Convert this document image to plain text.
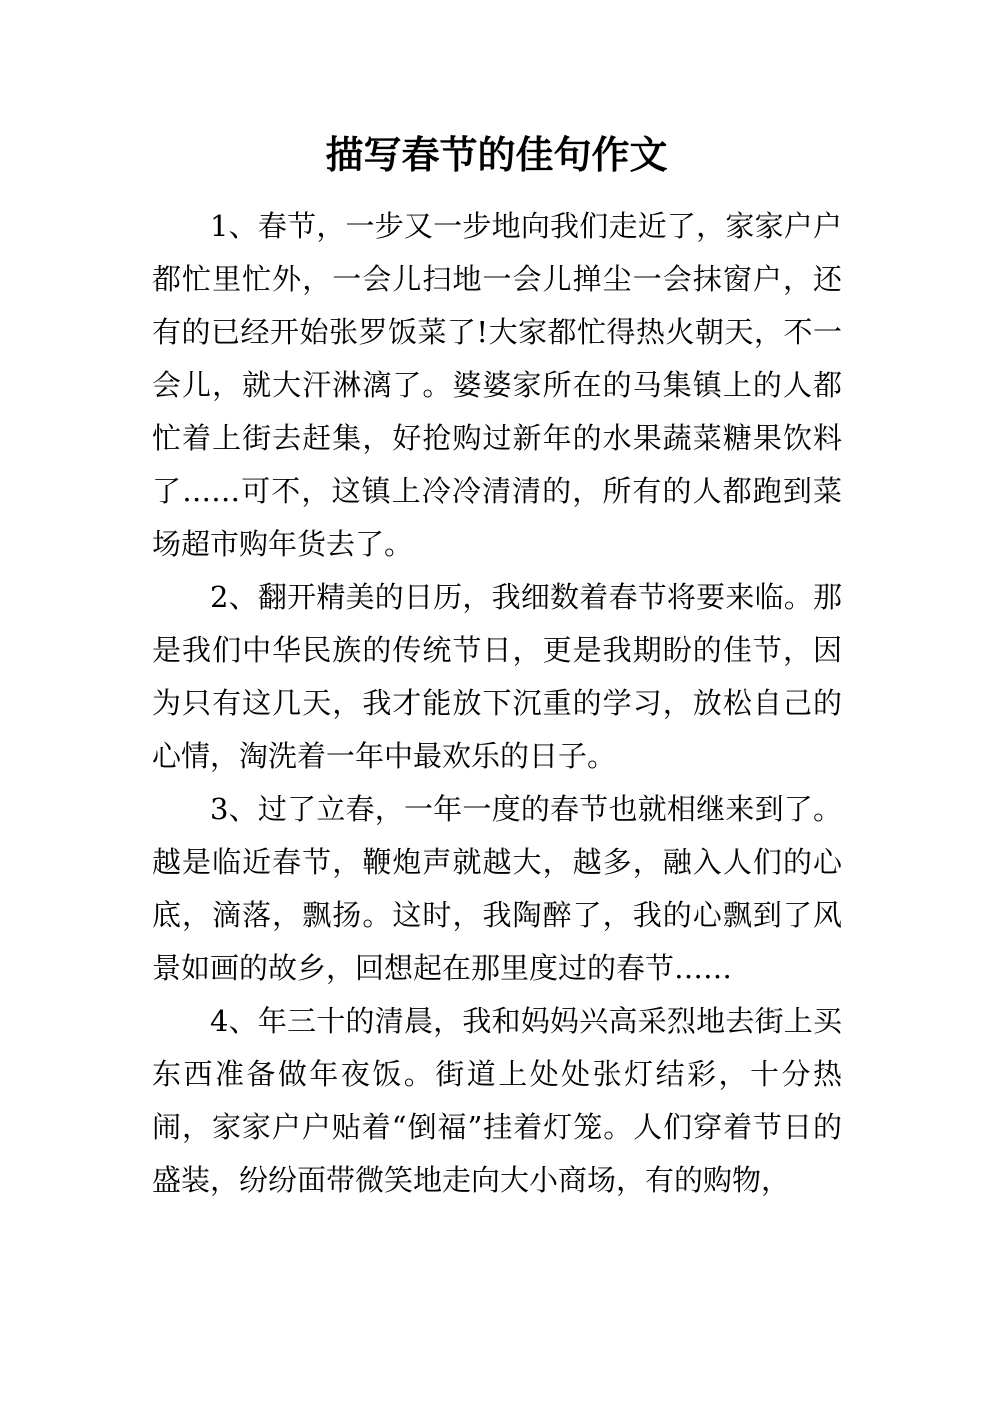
描写春节的佳句作文

1、春节，一步又一步地向我们走近了，家家户户都忙里忙外，一会儿扫地一会儿掸尘一会抹窗户，还有的已经开始张罗饭菜了!大家都忙得热火朝天，不一会儿，就大汗淋漓了。婆婆家所在的马集镇上的人都忙着上街去赶集，好抢购过新年的水果蔬菜糖果饮料了……可不，这镇上冷冷清清的，所有的人都跑到菜场超市购年货去了。

2、翻开精美的日历，我细数着春节将要来临。那是我们中华民族的传统节日，更是我期盼的佳节，因为只有这几天，我才能放下沉重的学习，放松自己的心情，淘洗着一年中最欢乐的日子。

3、过了立春，一年一度的春节也就相继来到了。越是临近春节，鞭炮声就越大，越多，融入人们的心底，滴落，飘扬。这时，我陶醉了，我的心飘到了风景如画的故乡，回想起在那里度过的春节……

4、年三十的清晨，我和妈妈兴高采烈地去街上买东西准备做年夜饭。街道上处处张灯结彩，十分热闹，家家户户贴着“倒福”挂着灯笼。人们穿着节日的盛装，纷纷面带微笑地走向大小商场，有的购物，
